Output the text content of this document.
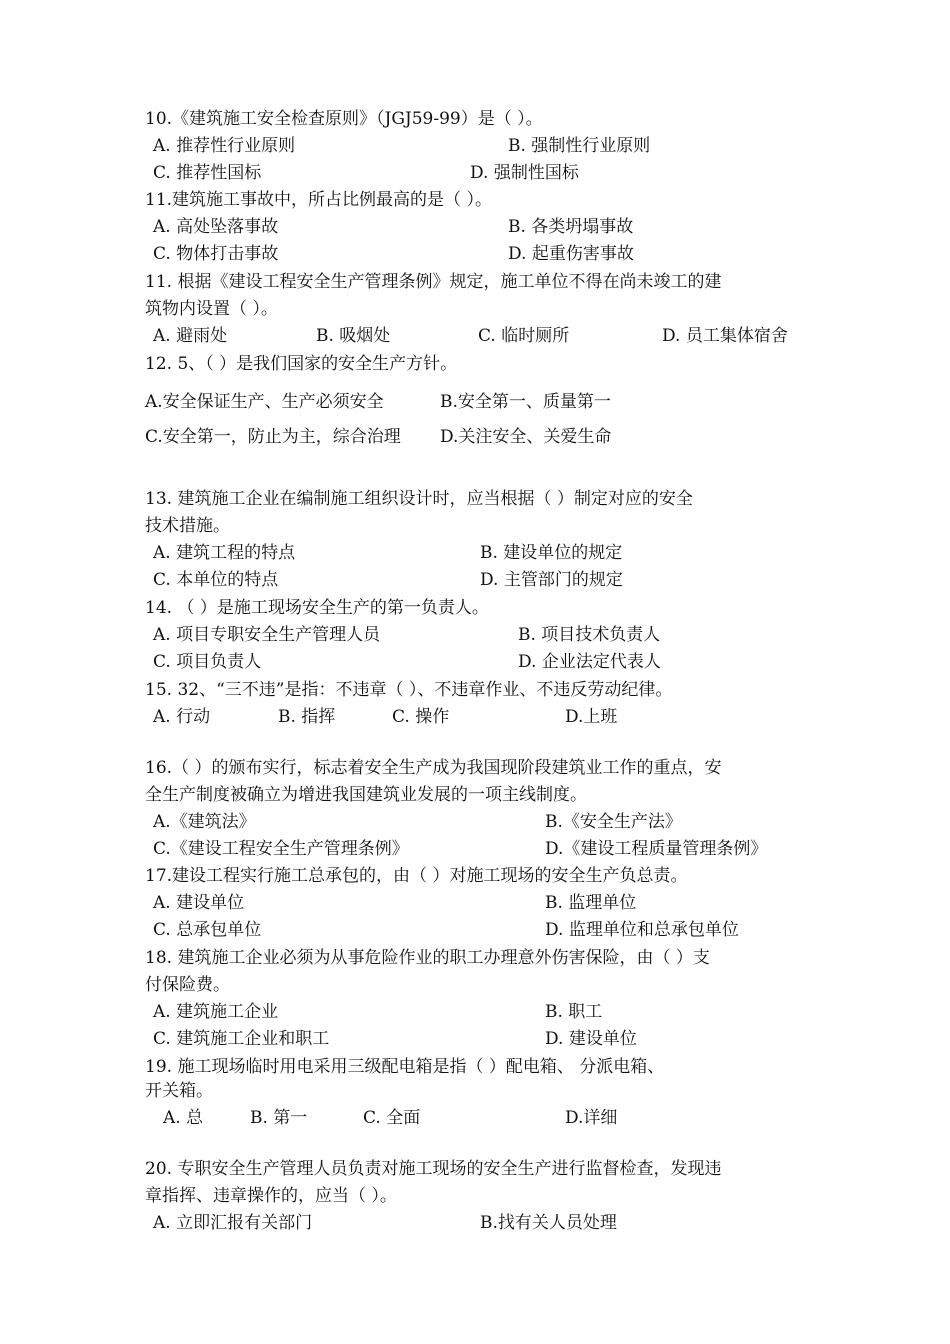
10.《建筑施工安全检查原则》（JGJ59-99）是（ ）。
A. 推荐性行业原则	B. 强制性行业原则
C. 推荐性国标	D. 强制性国标
11.建筑施工事故中，所占比例最高的是（ ）。
A. 高处坠落事故	B. 各类坍塌事故
C. 物体打击事故	D. 起重伤害事故
11. 根据《建设工程安全生产管理条例》规定，施工单位不得在尚未竣工的建
筑物内设置（ ）。
A. 避雨处	B. 吸烟处	C. 临时厕所	D. 员工集体宿舍
12. 5、（ ）是我们国家的安全生产方针。
A.安全保证生产、生产必须安全	B.安全第一、质量第一
C.安全第一，防止为主，综合治理 D.关注安全、关爱生命
13. 建筑施工企业在编制施工组织设计时，应当根据（ ）制定对应的安全
技术措施。
A. 建筑工程的特点	B. 建设单位的规定
C. 本单位的特点	D. 主管部门的规定
14. （ ）是施工现场安全生产的第一负责人。
A. 项目专职安全生产管理人员	B. 项目技术负责人
C. 项目负责人	D. 企业法定代表人
15. 32、“三不违”是指：不违章（ ）、不违章作业、不违反劳动纪律。
A. 行动	B. 指挥	C. 操作	D.上班
16.（ ）的颁布实行，标志着安全生产成为我国现阶段建筑业工作的重点，安
全生产制度被确立为增进我国建筑业发展的一项主线制度。
A.《建筑法》	B.《安全生产法》
C.《建设工程安全生产管理条例》	D.《建设工程质量管理条例》
17.建设工程实行施工总承包的，由（ ）对施工现场的安全生产负总责。
A. 建设单位	B. 监理单位
C. 总承包单位	D. 监理单位和总承包单位
18. 建筑施工企业必须为从事危险作业的职工办理意外伤害保险，由（ ）支
付保险费。
A. 建筑施工企业	B. 职工
C. 建筑施工企业和职工	D. 建设单位
19. 施工现场临时用电采用三级配电箱是指（ ）配电箱、 分派电箱、
开关箱。
A. 总	B. 第一	C. 全面	D.详细
20. 专职安全生产管理人员负责对施工现场的安全生产进行监督检查，发现违
章指挥、违章操作的，应当（ ）。
A. 立即汇报有关部门	B.找有关人员处理
